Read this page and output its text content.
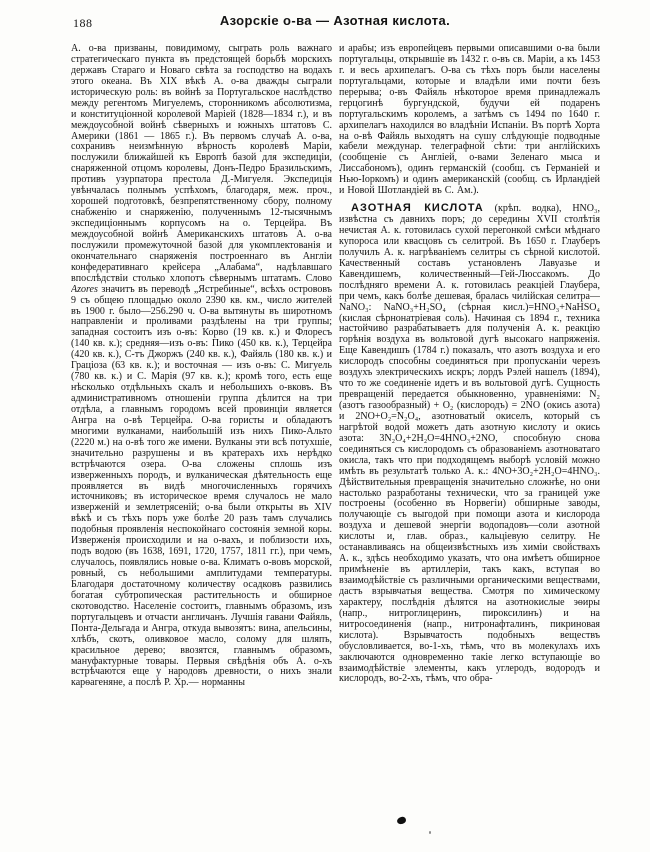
188	Азорскіе о-ва — Азотная кислота.

А. о-ва призваны, повидимому, сыграть роль важнаго стратегическаго пункта въ предстоящей борьбѣ морскихъ державъ Стараго и Новаго свѣта за господство на водахъ этого океана. Въ XIX вѣкѣ А. о-ва дважды сыграли историческую роль: въ войнѣ за Португальское наслѣдство между регентомъ Мигуелемъ, сторонникомъ абсолютизма, и конституціонной королевой Маріей (1828—1834 г.), и въ междоусобной войнѣ сѣверныхъ и южныхъ штатовъ С. Америки (1861 — 1865 г.). Въ первомъ случаѣ А. о-ва, сохранивъ неизмѣнную вѣрность королевѣ Маріи, послужили ближайшей къ Европѣ базой для экспедиціи, снаряженной отцомъ королевы, Донъ-Педро Бразильскимъ, противъ узурпатора престола Д.-Мигуеля. Экспедиція увѣнчалась полнымъ успѣхомъ, благодаря, меж. проч., хорошей подготовкѣ, безпрепятственному сбору, полному снабженію и снаряженію, полученнымъ 12-тысячнымъ экспедиціоннымъ корпусомъ на о. Терцейра. Въ междоусобной войнѣ Американскихъ штатовъ А. о-ва послужили промежуточной базой для укомплектованія и окончательнаго снаряженія построеннаго въ Англіи конфедеративнаго крейсера „Алабама“, надѣлавшаго впослѣдствіи столько хлопотъ сѣвернымъ штатамъ. Слово Azores значитъ въ переводѣ „Ястребиные“, всѣхъ острововъ 9 съ общею площадью около 2390 кв. км., число жителей въ 1900 г. было—256.290 ч. О-ва вытянуты въ широтномъ направленіи и проливами раздѣлены на три группы; западная состоитъ изъ о-въ: Корво (19 кв. к.) и Флоресъ (140 кв. к.); средняя—изъ о-въ: Пико (450 кв. к.), Терцейра (420 кв. к.), С-тъ Джоржъ (240 кв. к.), Файяль (180 кв. к.) и Граціоза (63 кв. к.); и восточная — изъ о-въ: С. Мигуель (780 кв. к.) и С. Марія (97 кв. к.); кромѣ того, есть еще нѣсколько отдѣльныхъ скалъ и небольшихъ о-вковъ. Въ административномъ отношеніи группа дѣлится на три отдѣла, а главнымъ городомъ всей провинціи является Ангра на о-вѣ Терцейра. О-ва гористы и обладаютъ многими вулканами, наибольшій изъ нихъ Пико-Альто (2220 м.) на о-вѣ того же имени. Вулканы эти всѣ потухшіе, значительно разрушены и въ кратерахъ ихъ нерѣдко встрѣчаются озера. О-ва сложены сплошь изъ изверженныхъ породъ, и вулканическая дѣятельность еще проявляется въ видѣ многочисленныхъ горячихъ источниковъ; въ историческое время случалось не мало изверженій и землетрясеній; о-ва были открыты въ XIV вѣкѣ и съ тѣхъ поръ уже болѣе 20 разъ тамъ случались подобныя проявленія неспокойнаго состоянія земной коры. Изверженія происходили и на о-вахъ, и поблизости ихъ, подъ водою (въ 1638, 1691, 1720, 1757, 1811 гг.), при чемъ, случалось, появлялись новые о-ва. Климатъ о-вовъ морской, ровный, съ небольшими амплитудами температуры. Благодаря достаточному количеству осадковъ развились богатая субтропическая растительность и обширное скотоводство. Населеніе состоитъ, главнымъ образомъ, изъ португальцевъ и отчасти англичанъ. Лучшія гавани Файяль, Понта-Дельгада и Ангра, откуда вывозятъ: вина, апельсины, хлѣбъ, скотъ, оливковое масло, солому для шляпъ, красильное дерево; ввозятся, главнымъ образомъ, мануфактурные товары. Первыя свѣдѣнія объ А. о-хъ встрѣчаются еще у народовъ древности, о нихъ знали карѳагеняне, а послѣ Р. Хр.— норманны

и арабы; изъ европейцевъ первыми описавшими о-ва были португальцы, открывшіе въ 1432 г. о-въ св. Маріи, а къ 1453 г. и весь архипелагъ. О-ва съ тѣхъ поръ были населены португальцами, которые и владѣли ими почти безъ перерыва; о-въ Файяль нѣкоторое время принадлежалъ герцогинѣ бургундской, будучи ей подаренъ португальскимъ королемъ, а затѣмъ съ 1494 по 1640 г. архипелагъ находился во владѣніи Испаніи. Въ портѣ Хорта на о-вѣ Файяль выходятъ на сушу слѣдующіе подводные кабели междунар. телеграфной сѣти: три англійскихъ (сообщеніе съ Англіей, о-вами Зеленаго мыса и Лиссабономъ), одинъ германскій (сообщ. съ Германіей и Нью-Іоркомъ) и одинъ американскій (сообщ. съ Ирландіей и Новой Шотландіей въ С. Ам.).

АЗОТНАЯ КИСЛОТА (крѣп. водка), HNO₃, извѣстна съ давнихъ поръ; до середины XVII столѣтія нечистая А. к. готовилась сухой перегонкой смѣси мѣднаго купороса или квасцовъ съ селитрой. Въ 1650 г. Глауберъ получилъ А. к. нагрѣваніемъ селитры съ сѣрной кислотой. Качественный составъ установленъ Лавуазье и Кавендишемъ, количественный—Гей-Люссакомъ. До послѣдняго времени А. к. готовилась реакціей Глаубера, при чемъ, какъ болѣе дешевая, бралась чилійская селитра—NaNO₃: NaNO₃+H₂SO₄ (сѣрная кисл.)=HNO₃+NaHSO₄ (кислая сѣрнонатріевая соль). Начиная съ 1894 г., техника настойчиво разрабатываетъ для полученія А. к. реакцію горѣнія воздуха въ вольтовой дугѣ высокаго напряженія. Еще Кавендишъ (1784 г.) показалъ, что азотъ воздуха и его кислородъ способны соединяться при пропусканіи черезъ воздухъ электрическихъ искръ; лордъ Рэлей нашелъ (1894), что то же соединеніе идетъ и въ вольтовой дугѣ. Сущность превращеній передается обыкновенно, уравненіями: N₂ (азотъ газообразный) + O₂ (кислородъ) = 2NO (окись азота) и 2NO+O₂=N₂O₄, азотноватый окиселъ, который съ нагрѣтой водой можетъ дать азотную кислоту и окись азота: 3N₂O₄+2H₂O=4HNO₃+2NO, способную снова соединяться съ кислородомъ съ образованіемъ азотноватаго окисла, такъ что при подходящемъ выборѣ условій можно имѣть въ результатѣ только А. к.: 4NO+3O₂+2H₂O=4HNO₃. Дѣйствительныя превращенія значительно сложнѣе, но они настолько разработаны технически, что за границей уже построены (особенно въ Норвегіи) обширные заводы, получающіе съ выгодой при помощи азота и кислорода воздуха и дешевой энергіи водопадовъ—соли азотной кислоты и, глав. образ., кальціевую селитру. Не останавливаясь на общеизвѣстныхъ изъ химіи свойствахъ А. к., здѣсь необходимо указать, что она имѣетъ обширное примѣненіе въ артиллеріи, такъ какъ, вступая во взаимодѣйствіе съ различными органическими веществами, дастъ взрывчатыя вещества. Смотря по химическому характеру, послѣднія дѣлятся на азотнокислые эѳиры (напр., нитроглицеринъ, пироксилинъ) и на нитросоединенія (напр., нитронафталинъ, пикриновая кислота). Взрывчатость подобныхъ веществъ обусловливается, во-1-хъ, тѣмъ, что въ молекулахъ ихъ заключаются одновременно такіе легко вступающіе во взаимодѣйствіе элементы, какъ углеродъ, водородъ и кислородъ, во-2-хъ, тѣмъ, что обра-
